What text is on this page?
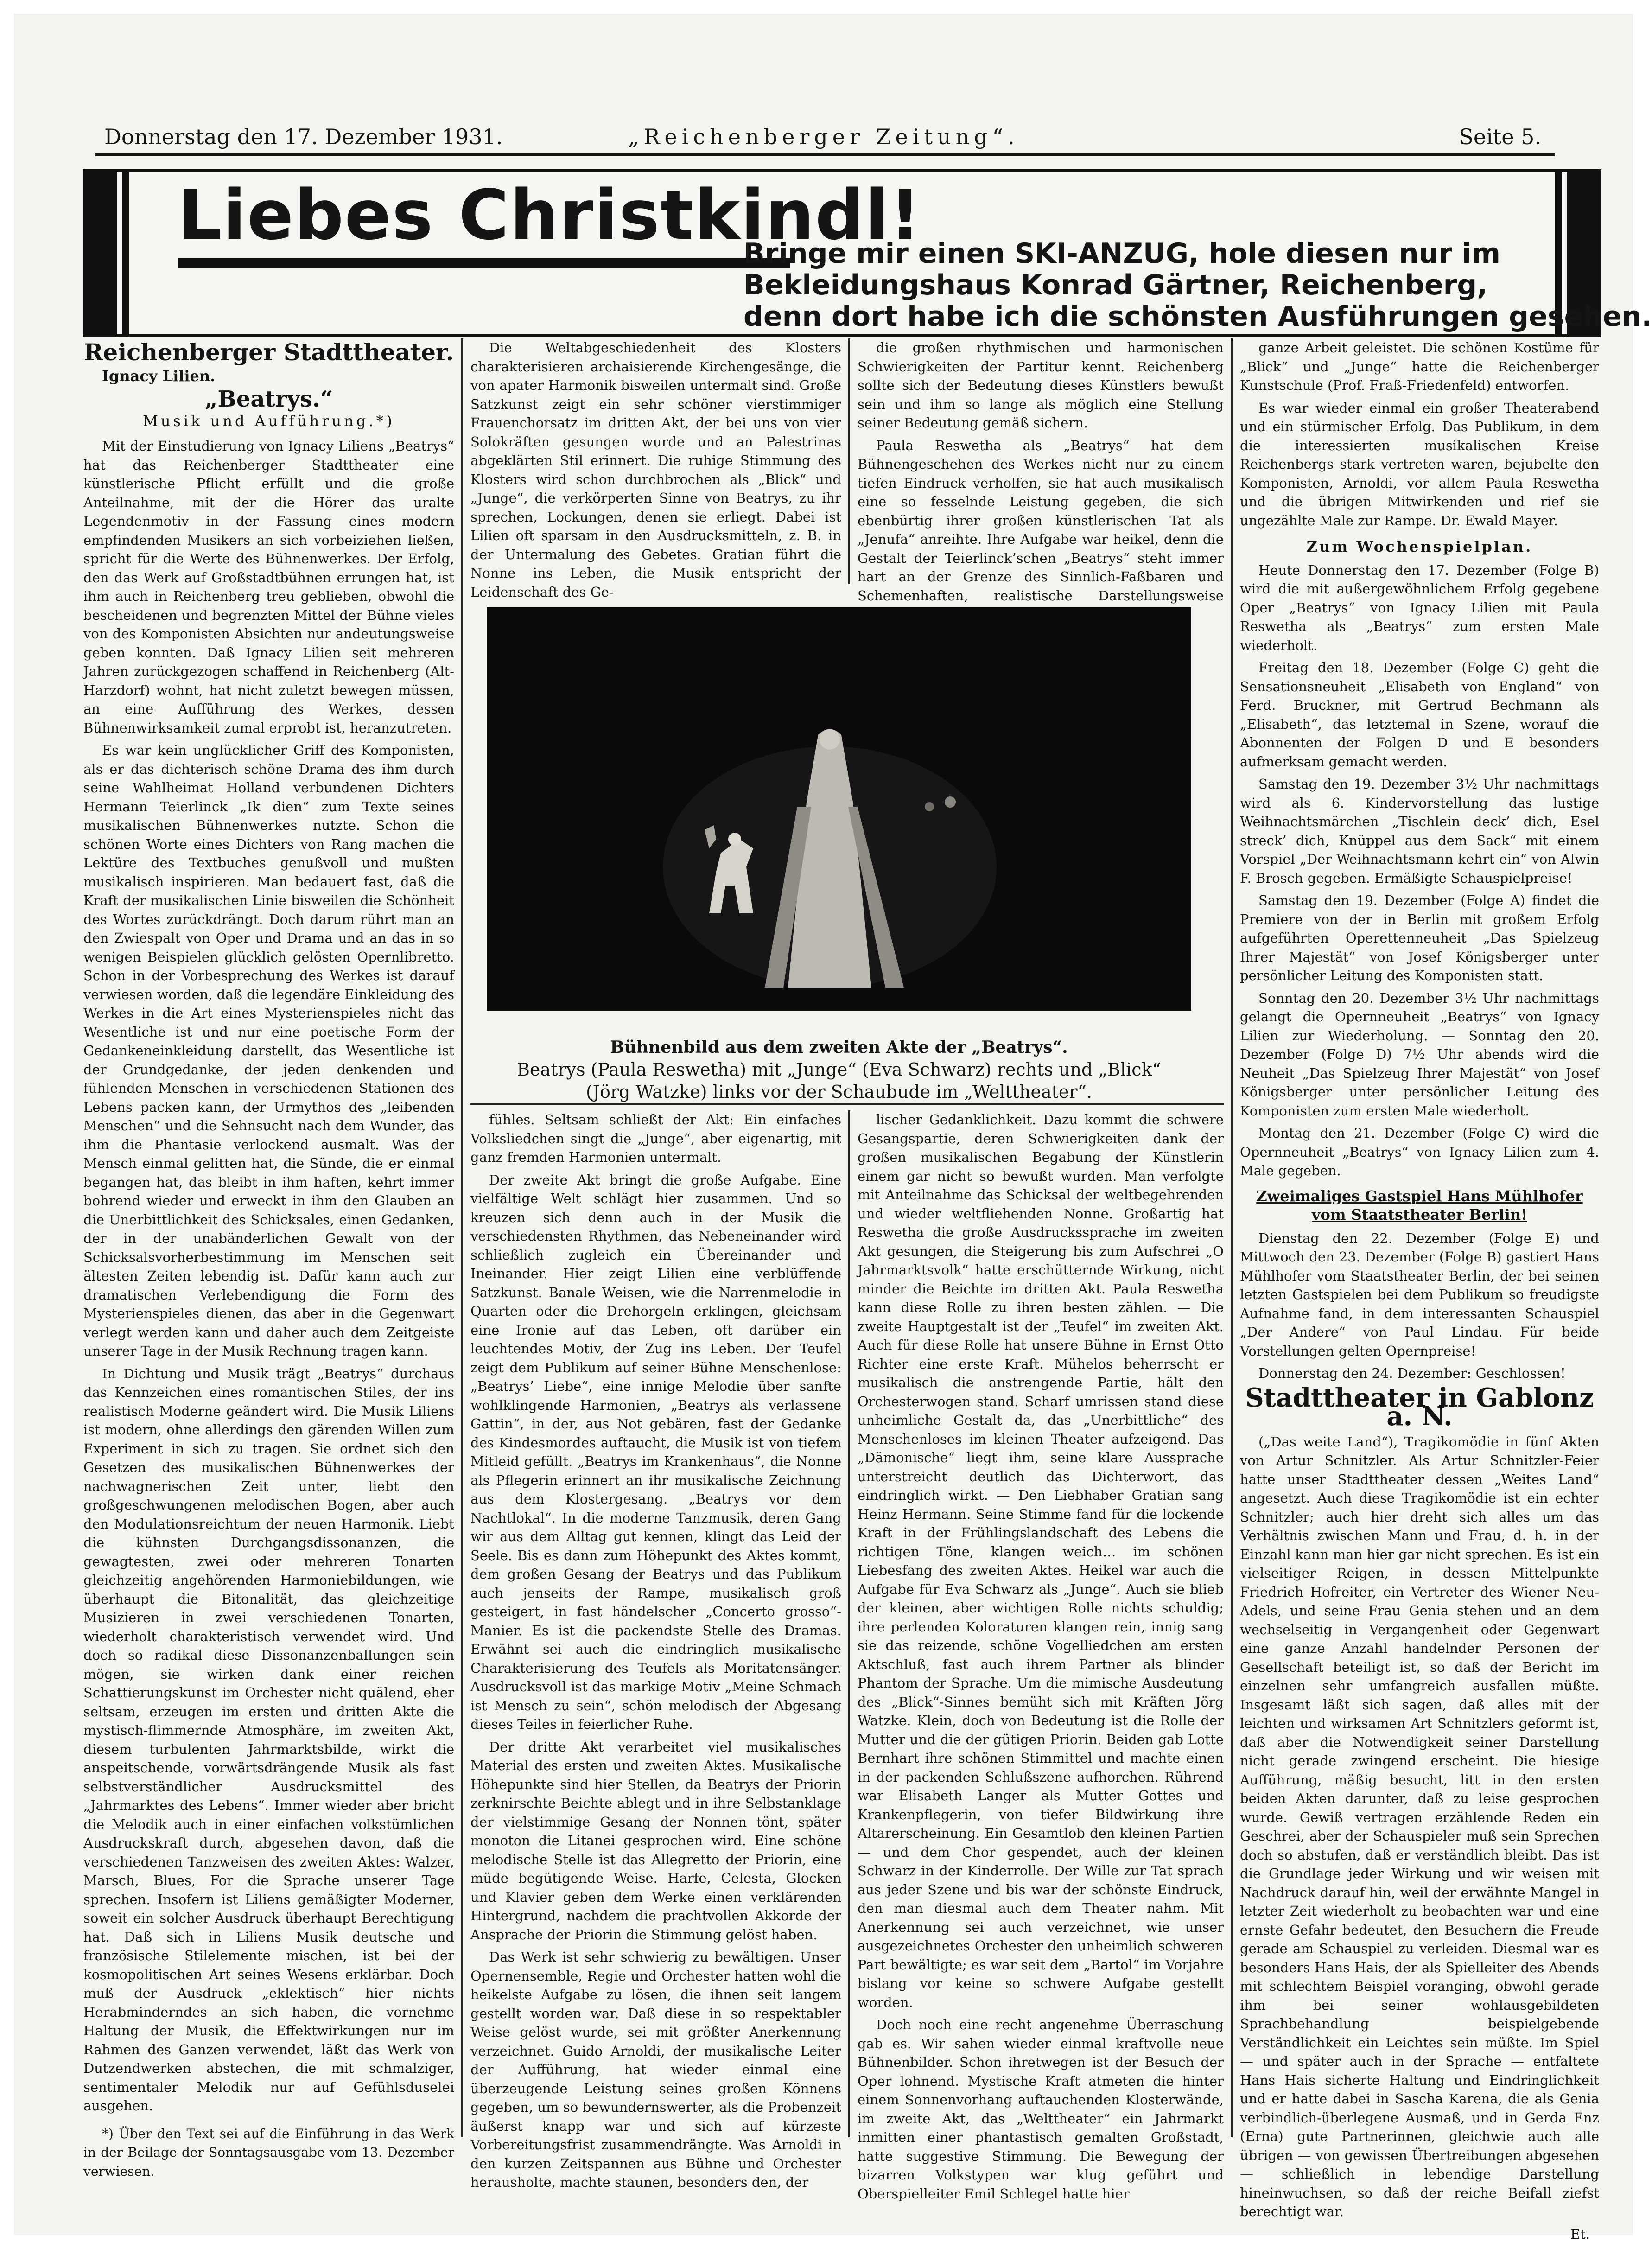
Donnerstag den 17. Dezember 1931.	„Reichenberger Zeitung“.	Seite 5.
Liebes Christkindl!
Bringe mir einen SKI-ANZUG, hole diesen nur im
Bekleidungshaus Konrad Gärtner, Reichenberg,
denn dort habe ich die schönsten Ausführungen gesehen.
Reichenberger Stadttheater.
Ignacy Lilien.
„Beatrys.“
Musik und Aufführung.*)

Mit der Einstudierung von Ignacy Liliens „Beatrys“ hat das Reichenberger Stadttheater eine künstlerische Pflicht erfüllt und die große Anteilnahme, mit der die Hörer das uralte Legendenmotiv in der Fassung eines modern empfindenden Musikers an sich vorbeiziehen ließen, spricht für die Werte des Bühnenwerkes. Der Erfolg, den das Werk auf Großstadtbühnen errungen hat, ist ihm auch in Reichenberg treu geblieben, obwohl die bescheidenen und begrenzten Mittel der Bühne vieles von des Komponisten Absichten nur andeutungsweise geben konnten. Daß Ignacy Lilien seit mehreren Jahren zurückgezogen schaffend in Reichenberg (Alt-Harzdorf) wohnt, hat nicht zuletzt bewegen müssen, an eine Aufführung des Werkes, dessen Bühnenwirksamkeit zumal erprobt ist, heranzutreten.

Es war kein unglücklicher Griff des Komponisten, als er das dichterisch schöne Drama des ihm durch seine Wahlheimat Holland verbundenen Dichters Hermann Teierlinck „Ik dien“ zum Texte seines musikalischen Bühnenwerkes nutzte. Schon die schönen Worte eines Dichters von Rang machen die Lektüre des Textbuches genußvoll und mußten musikalisch inspirieren. Man bedauert fast, daß die Kraft der musikalischen Linie bisweilen die Schönheit des Wortes zurückdrängt. Doch darum rührt man an den Zwiespalt von Oper und Drama und an das in so wenigen Beispielen glücklich gelösten Opernlibretto. Schon in der Vorbesprechung des Werkes ist darauf verwiesen worden, daß die legendäre Einkleidung des Werkes in die Art eines Mysterienspieles nicht das Wesentliche ist und nur eine poetische Form der Gedankeneinkleidung darstellt, das Wesentliche ist der Grundgedanke, der jeden denkenden und fühlenden Menschen in verschiedenen Stationen des Lebens packen kann, der Urmythos des „leibenden Menschen“ und die Sehnsucht nach dem Wunder, das ihm die Phantasie verlockend ausmalt. Was der Mensch einmal gelitten hat, die Sünde, die er einmal begangen hat, das bleibt in ihm haften, kehrt immer bohrend wieder und erweckt in ihm den Glauben an die Unerbittlichkeit des Schicksales, einen Gedanken, der in der unabänderlichen Gewalt von der Schicksalsvorherbestimmung im Menschen seit ältesten Zeiten lebendig ist. Dafür kann auch zur dramatischen Verlebendigung die Form des Mysterienspieles dienen, das aber in die Gegenwart verlegt werden kann und daher auch dem Zeitgeiste unserer Tage in der Musik Rechnung tragen kann.

In Dichtung und Musik trägt „Beatrys“ durchaus das Kennzeichen eines romantischen Stiles, der ins realistisch Moderne geändert wird. Die Musik Liliens ist modern, ohne allerdings den gärenden Willen zum Experiment in sich zu tragen. Sie ordnet sich den Gesetzen des musikalischen Bühnenwerkes der nachwagnerischen Zeit unter, liebt den großgeschwungenen melodischen Bogen, aber auch den Modulationsreichtum der neuen Harmonik. Liebt die kühnsten Durchgangsdissonanzen, die gewagtesten, zwei oder mehreren Tonarten gleichzeitig angehörenden Harmoniebildungen, wie überhaupt die Bitonalität, das gleichzeitige Musizieren in zwei verschiedenen Tonarten, wiederholt charakteristisch verwendet wird. Und doch so radikal diese Dissonanzenballungen sein mögen, sie wirken dank einer reichen Schattierungskunst im Orchester nicht quälend, eher seltsam, erzeugen im ersten und dritten Akte die mystisch-flimmernde Atmosphäre, im zweiten Akt, diesem turbulenten Jahrmarktsbilde, wirkt die anspeitschende, vorwärtsdrängende Musik als fast selbstverständlicher Ausdrucksmittel des „Jahrmarktes des Lebens“. Immer wieder aber bricht die Melodik auch in einer einfachen volkstümlichen Ausdruckskraft durch, abgesehen davon, daß die verschiedenen Tanzweisen des zweiten Aktes: Walzer, Marsch, Blues, For die Sprache unserer Tage sprechen. Insofern ist Liliens gemäßigter Moderner, soweit ein solcher Ausdruck überhaupt Berechtigung hat. Daß sich in Liliens Musik deutsche und französische Stilelemente mischen, ist bei der kosmopolitischen Art seines Wesens erklärbar. Doch muß der Ausdruck „eklektisch“ hier nichts Herabminderndes an sich haben, die vornehme Haltung der Musik, die Effektwirkungen nur im Rahmen des Ganzen verwendet, läßt das Werk von Dutzendwerken abstechen, die mit schmalziger, sentimentaler Melodik nur auf Gefühlsduselei ausgehen.

*) Über den Text sei auf die Einführung in das Werk in der Beilage der Sonntagsausgabe vom 13. Dezember verwiesen.

Die Weltabgeschiedenheit des Klosters charakterisieren archaisierende Kirchengesänge, die von apater Harmonik bisweilen untermalt sind. Große Satzkunst zeigt ein sehr schöner vierstimmiger Frauenchorsatz im dritten Akt, der bei uns von vier Solokräften gesungen wurde und an Palestrinas abgeklärten Stil erinnert. Die ruhige Stimmung des Klosters wird schon durchbrochen als „Blick“ und „Junge“, die verkörperten Sinne von Beatrys, zu ihr sprechen, Lockungen, denen sie erliegt. Dabei ist Lilien oft sparsam in den Ausdrucksmitteln, z. B. in der Untermalung des Gebetes. Gratian führt die Nonne ins Leben, die Musik entspricht der Leidenschaft des Ge-

die großen rhythmischen und harmonischen Schwierigkeiten der Partitur kennt. Reichenberg sollte sich der Bedeutung dieses Künstlers bewußt sein und ihm so lange als möglich eine Stellung seiner Bedeutung gemäß sichern.

Paula Reswetha als „Beatrys“ hat dem Bühnengeschehen des Werkes nicht nur zu einem tiefen Eindruck verholfen, sie hat auch musikalisch eine so fesselnde Leistung gegeben, die sich ebenbürtig ihrer großen künstlerischen Tat als „Jenufa“ anreihte. Ihre Aufgabe war heikel, denn die Gestalt der Teierlinck’schen „Beatrys“ steht immer hart an der Grenze des Sinnlich-Faßbaren und Schemenhaften, realistische Darstellungsweise

Bühnenbild aus dem zweiten Akte der „Beatrys“.
Beatrys (Paula Reswetha) mit „Junge“ (Eva Schwarz) rechts und „Blick“
(Jörg Watzke) links vor der Schaubude im „Welttheater“.

fühles. Seltsam schließt der Akt: Ein einfaches Volksliedchen singt die „Junge“, aber eigenartig, mit ganz fremden Harmonien untermalt.

Der zweite Akt bringt die große Aufgabe. Eine vielfältige Welt schlägt hier zusammen. Und so kreuzen sich denn auch in der Musik die verschiedensten Rhythmen, das Nebeneinander wird schließlich zugleich ein Übereinander und Ineinander. Hier zeigt Lilien eine verblüffende Satzkunst. Banale Weisen, wie die Narrenmelodie in Quarten oder die Drehorgeln erklingen, gleichsam eine Ironie auf das Leben, oft darüber ein leuchtendes Motiv, der Zug ins Leben. Der Teufel zeigt dem Publikum auf seiner Bühne Menschenlose: „Beatrys’ Liebe“, eine innige Melodie über sanfte wohlklingende Harmonien, „Beatrys als verlassene Gattin“, in der, aus Not gebären, fast der Gedanke des Kindesmordes auftaucht, die Musik ist von tiefem Mitleid gefüllt. „Beatrys im Krankenhaus“, die Nonne als Pflegerin erinnert an ihr musikalische Zeichnung aus dem Klostergesang. „Beatrys vor dem Nachtlokal“. In die moderne Tanzmusik, deren Gang wir aus dem Alltag gut kennen, klingt das Leid der Seele. Bis es dann zum Höhepunkt des Aktes kommt, dem großen Gesang der Beatrys und das Publikum auch jenseits der Rampe, musikalisch groß gesteigert, in fast händelscher „Concerto grosso“-Manier. Es ist die packendste Stelle des Dramas. Erwähnt sei auch die eindringlich musikalische Charakterisierung des Teufels als Moritatensänger. Ausdrucksvoll ist das markige Motiv „Meine Schmach ist Mensch zu sein“, schön melodisch der Abgesang dieses Teiles in feierlicher Ruhe.

Der dritte Akt verarbeitet viel musikalisches Material des ersten und zweiten Aktes. Musikalische Höhepunkte sind hier Stellen, da Beatrys der Priorin zerknirschte Beichte ablegt und in ihre Selbstanklage der vielstimmige Gesang der Nonnen tönt, später monoton die Litanei gesprochen wird. Eine schöne melodische Stelle ist das Allegretto der Priorin, eine müde begütigende Weise. Harfe, Celesta, Glocken und Klavier geben dem Werke einen verklärenden Hintergrund, nachdem die prachtvollen Akkorde der Ansprache der Priorin die Stimmung gelöst haben.

Das Werk ist sehr schwierig zu bewältigen. Unser Opernensemble, Regie und Orchester hatten wohl die heikelste Aufgabe zu lösen, die ihnen seit langem gestellt worden war. Daß diese in so respektabler Weise gelöst wurde, sei mit größter Anerkennung verzeichnet. Guido Arnoldi, der musikalische Leiter der Aufführung, hat wieder einmal eine überzeugende Leistung seines großen Könnens gegeben, um so bewundernswerter, als die Probenzeit äußerst knapp war und sich auf kürzeste Vorbereitungsfrist zusammendrängte. Was Arnoldi in den kurzen Zeitspannen aus Bühne und Orchester herausholte, machte staunen, besonders den, der

lischer Gedanklichkeit. Dazu kommt die schwere Gesangspartie, deren Schwierigkeiten dank der großen musikalischen Begabung der Künstlerin einem gar nicht so bewußt wurden. Man verfolgte mit Anteilnahme das Schicksal der weltbegehrenden und wieder weltfliehenden Nonne. Großartig hat Reswetha die große Ausdruckssprache im zweiten Akt gesungen, die Steigerung bis zum Aufschrei „O Jahrmarktsvolk“ hatte erschütternde Wirkung, nicht minder die Beichte im dritten Akt. Paula Reswetha kann diese Rolle zu ihren besten zählen. — Die zweite Hauptgestalt ist der „Teufel“ im zweiten Akt. Auch für diese Rolle hat unsere Bühne in Ernst Otto Richter eine erste Kraft. Mühelos beherrscht er musikalisch die anstrengende Partie, hält den Orchesterwogen stand. Scharf umrissen stand diese unheimliche Gestalt da, das „Unerbittliche“ des Menschenloses im kleinen Theater aufzeigend. Das „Dämonische“ liegt ihm, seine klare Aussprache unterstreicht deutlich das Dichterwort, das eindringlich wirkt. — Den Liebhaber Gratian sang Heinz Hermann. Seine Stimme fand für die lockende Kraft in der Frühlingslandschaft des Lebens die richtigen Töne, klangen weich… im schönen Liebesfang des zweiten Aktes. Heikel war auch die Aufgabe für Eva Schwarz als „Junge“. Auch sie blieb der kleinen, aber wichtigen Rolle nichts schuldig; ihre perlenden Koloraturen klangen rein, innig sang sie das reizende, schöne Vogelliedchen am ersten Aktschluß, fast auch ihrem Partner als blinder Phantom der Sprache. Um die mimische Ausdeutung des „Blick“-Sinnes bemüht sich mit Kräften Jörg Watzke. Klein, doch von Bedeutung ist die Rolle der Mutter und die der gütigen Priorin. Beiden gab Lotte Bernhart ihre schönen Stimmittel und machte einen in der packenden Schlußszene aufhorchen. Rührend war Elisabeth Langer als Mutter Gottes und Krankenpflegerin, von tiefer Bildwirkung ihre Altarerscheinung. Ein Gesamtlob den kleinen Partien — und dem Chor gespendet, auch der kleinen Schwarz in der Kinderrolle. Der Wille zur Tat sprach aus jeder Szene und bis war der schönste Eindruck, den man diesmal auch dem Theater nahm. Mit Anerkennung sei auch verzeichnet, wie unser ausgezeichnetes Orchester den unheimlich schweren Part bewältigte; es war seit dem „Bartol“ im Vorjahre bislang vor keine so schwere Aufgabe gestellt worden.

Doch noch eine recht angenehme Überraschung gab es. Wir sahen wieder einmal kraftvolle neue Bühnenbilder. Schon ihretwegen ist der Besuch der Oper lohnend. Mystische Kraft atmeten die hinter einem Sonnenvorhang auftauchenden Klosterwände, im zweite Akt, das „Welttheater“ ein Jahrmarkt inmitten einer phantastisch gemalten Großstadt, hatte suggestive Stimmung. Die Bewegung der bizarren Volkstypen war klug geführt und Oberspielleiter Emil Schlegel hatte hier

ganze Arbeit geleistet. Die schönen Kostüme für „Blick“ und „Junge“ hatte die Reichenberger Kunstschule (Prof. Fraß-Friedenfeld) entworfen.

Es war wieder einmal ein großer Theaterabend und ein stürmischer Erfolg. Das Publikum, in dem die interessierten musikalischen Kreise Reichenbergs stark vertreten waren, bejubelte den Komponisten, Arnoldi, vor allem Paula Reswetha und die übrigen Mitwirkenden und rief sie ungezählte Male zur Rampe. Dr. Ewald Mayer.

Zum Wochenspielplan.

Heute Donnerstag den 17. Dezember (Folge B) wird die mit außergewöhnlichem Erfolg gegebene Oper „Beatrys“ von Ignacy Lilien mit Paula Reswetha als „Beatrys“ zum ersten Male wiederholt.

Freitag den 18. Dezember (Folge C) geht die Sensationsneuheit „Elisabeth von England“ von Ferd. Bruckner, mit Gertrud Bechmann als „Elisabeth“, das letztemal in Szene, worauf die Abonnenten der Folgen D und E besonders aufmerksam gemacht werden.

Samstag den 19. Dezember 3½ Uhr nachmittags wird als 6. Kindervorstellung das lustige Weihnachtsmärchen „Tischlein deck’ dich, Esel streck’ dich, Knüppel aus dem Sack“ mit einem Vorspiel „Der Weihnachtsmann kehrt ein“ von Alwin F. Brosch gegeben. Ermäßigte Schauspielpreise!

Samstag den 19. Dezember (Folge A) findet die Premiere von der in Berlin mit großem Erfolg aufgeführten Operettenneuheit „Das Spielzeug Ihrer Majestät“ von Josef Königsberger unter persönlicher Leitung des Komponisten statt.

Sonntag den 20. Dezember 3½ Uhr nachmittags gelangt die Opernneuheit „Beatrys“ von Ignacy Lilien zur Wiederholung. — Sonntag den 20. Dezember (Folge D) 7½ Uhr abends wird die Neuheit „Das Spielzeug Ihrer Majestät“ von Josef Königsberger unter persönlicher Leitung des Komponisten zum ersten Male wiederholt.

Montag den 21. Dezember (Folge C) wird die Opernneuheit „Beatrys“ von Ignacy Lilien zum 4. Male gegeben.

Zweimaliges Gastspiel Hans Mühlhofer vom Staatstheater Berlin!

Dienstag den 22. Dezember (Folge E) und Mittwoch den 23. Dezember (Folge B) gastiert Hans Mühlhofer vom Staatstheater Berlin, der bei seinen letzten Gastspielen bei dem Publikum so freudigste Aufnahme fand, in dem interessanten Schauspiel „Der Andere“ von Paul Lindau. Für beide Vorstellungen gelten Opernpreise!

Donnerstag den 24. Dezember: Geschlossen!

Stadttheater in Gablonz a. N.

(„Das weite Land“), Tragikomödie in fünf Akten von Artur Schnitzler. Als Artur Schnitzler-Feier hatte unser Stadttheater dessen „Weites Land“ angesetzt. Auch diese Tragikomödie ist ein echter Schnitzler; auch hier dreht sich alles um das Verhältnis zwischen Mann und Frau, d. h. in der Einzahl kann man hier gar nicht sprechen. Es ist ein vielseitiger Reigen, in dessen Mittelpunkte Friedrich Hofreiter, ein Vertreter des Wiener Neu-Adels, und seine Frau Genia stehen und an dem wechselseitig in Vergangenheit oder Gegenwart eine ganze Anzahl handelnder Personen der Gesellschaft beteiligt ist, so daß der Bericht im einzelnen sehr umfangreich ausfallen müßte. Insgesamt läßt sich sagen, daß alles mit der leichten und wirksamen Art Schnitzlers geformt ist, daß aber die Notwendigkeit seiner Darstellung nicht gerade zwingend erscheint. Die hiesige Aufführung, mäßig besucht, litt in den ersten beiden Akten darunter, daß zu leise gesprochen wurde. Gewiß vertragen erzählende Reden ein Geschrei, aber der Schauspieler muß sein Sprechen doch so abstufen, daß er verständlich bleibt. Das ist die Grundlage jeder Wirkung und wir weisen mit Nachdruck darauf hin, weil der erwähnte Mangel in letzter Zeit wiederholt zu beobachten war und eine ernste Gefahr bedeutet, den Besuchern die Freude gerade am Schauspiel zu verleiden. Diesmal war es besonders Hans Hais, der als Spielleiter des Abends mit schlechtem Beispiel voranging, obwohl gerade ihm bei seiner wohlausgebildeten Sprachbehandlung beispielgebende Verständlichkeit ein Leichtes sein müßte. Im Spiel — und später auch in der Sprache — entfaltete Hans Hais sicherte Haltung und Eindringlichkeit und er hatte dabei in Sascha Karena, die als Genia verbindlich-überlegene Ausmaß, und in Gerda Enz (Erna) gute Partnerinnen, gleichwie auch alle übrigen — von gewissen Übertreibungen abgesehen — schließlich in lebendige Darstellung hineinwuchsen, so daß der reiche Beifall ziefst berechtigt war.

Et.
